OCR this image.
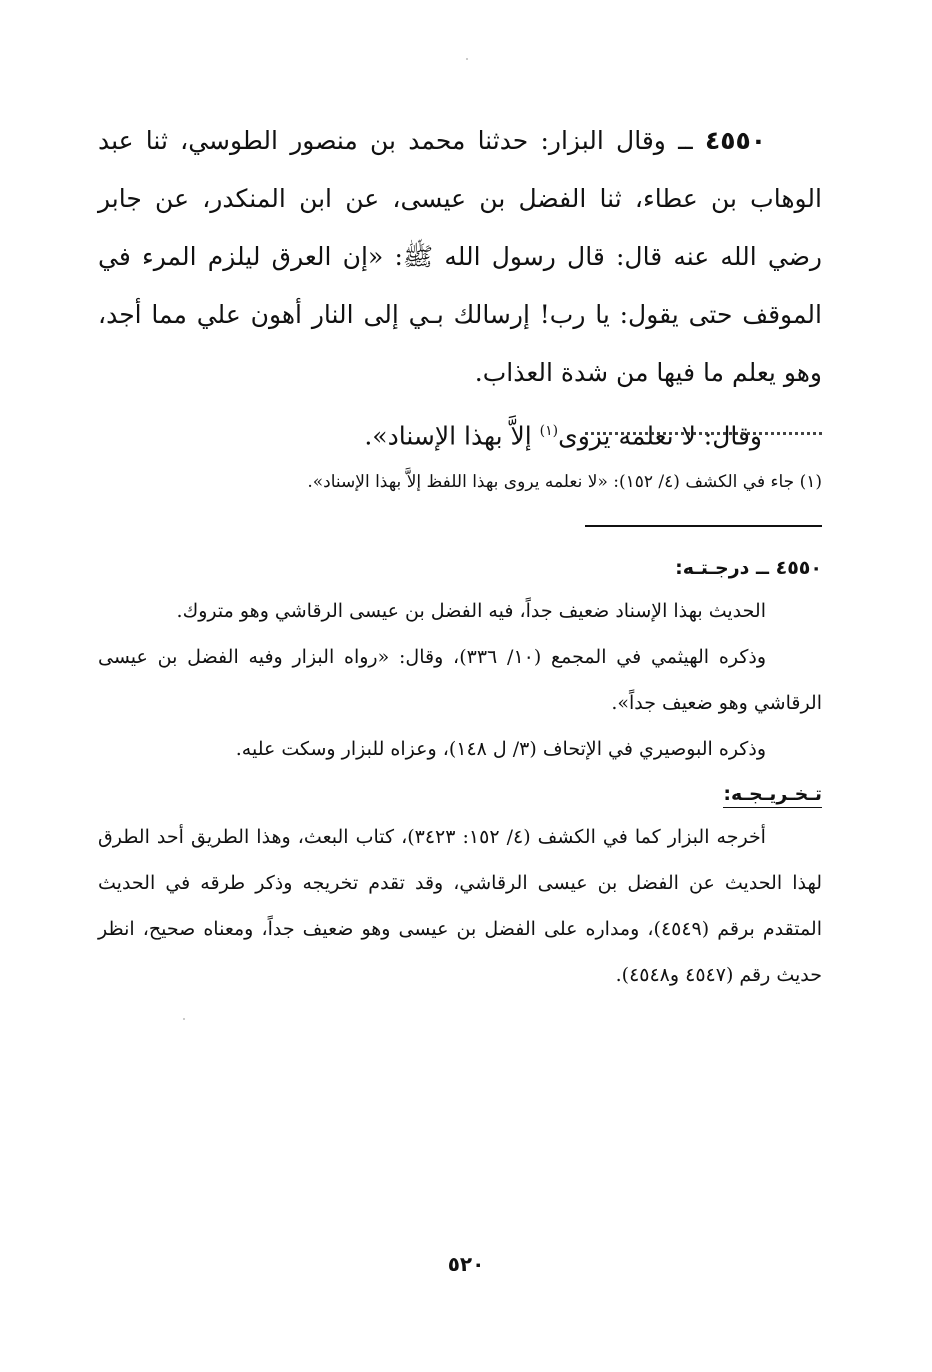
٤٥٥٠ ــ وقال البزار: حدثنا محمد بن منصور الطوسي، ثنا عبد الوهاب بن عطاء، ثنا الفضل بن عيسى، عن ابن المنكدر، عن جابر رضي الله عنه قال: قال رسول الله ﷺ: «إن العرق ليلزم المرء في الموقف حتى يقول: يا رب! إرسالك بـي إلى النار أهون علي مما أجد، وهو يعلم ما فيها من شدة العذاب.

وقال: لا نعلمه يروى$^{(١)}$ إلاَّ بهذا الإسناد».

(١) جاء في الكشف (٤/ ١٥٢): «لا نعلمه يروى بهذا اللفظ إلاَّ بهذا الإسناد».

٤٥٥٠ ــ درجـتـه:

الحديث بهذا الإسناد ضعيف جداً، فيه الفضل بن عيسى الرقاشي وهو متروك.

وذكره الهيثمي في المجمع (١٠/ ٣٣٦)، وقال: «رواه البزار وفيه الفضل بن عيسى الرقاشي وهو ضعيف جداً».

وذكره البوصيري في الإتحاف (٣/ ل ١٤٨)، وعزاه للبزار وسكت عليه.

تـخـريـجـه:

أخرجه البزار كما في الكشف (٤/ ١٥٢: ٣٤٢٣)، كتاب البعث، وهذا الطريق أحد الطرق لهذا الحديث عن الفضل بن عيسى الرقاشي، وقد تقدم تخريجه وذكر طرقه في الحديث المتقدم برقم (٤٥٤٩)، ومداره على الفضل بن عيسى وهو ضعيف جداً، ومعناه صحيح، انظر حديث رقم (٤٥٤٧ و٤٥٤٨).

٥٢٠
